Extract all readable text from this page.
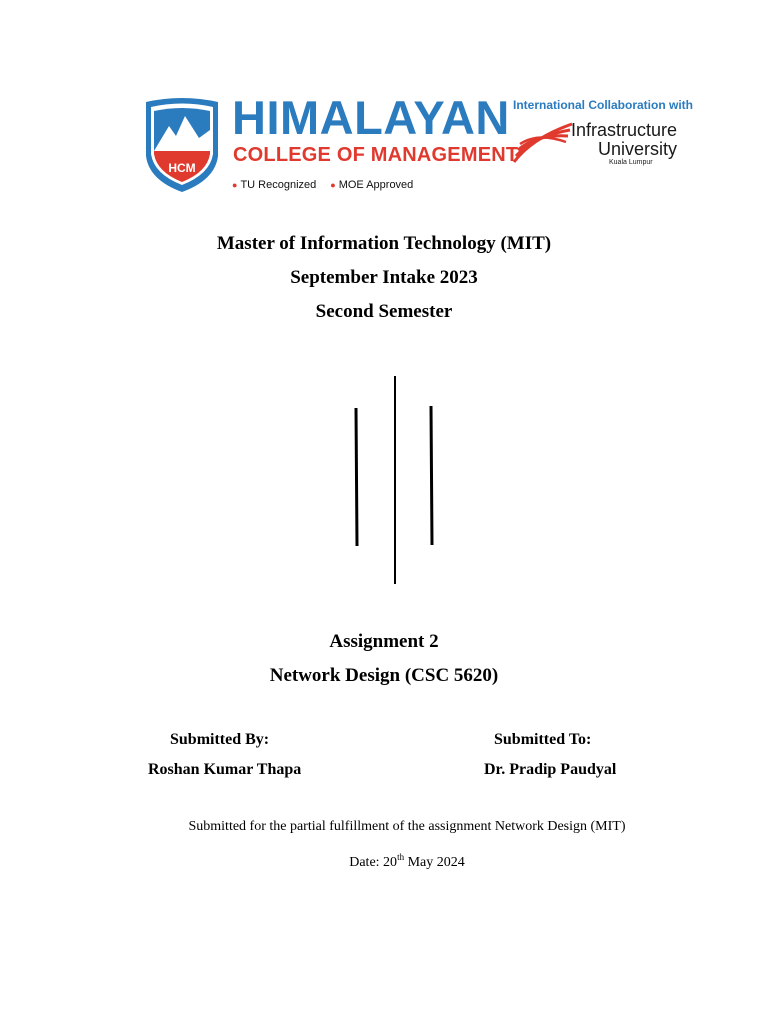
HCM
HIMALAYAN
COLLEGE OF MANAGEMENT
● TU Recognized ● MOE Approved
International Collaboration with
Infrastructure
University
Kuala Lumpur
Master of Information Technology (MIT)
September Intake 2023
Second Semester
Assignment 2
Network Design (CSC 5620)
Submitted By:
Roshan Kumar Thapa
Submitted To:
Dr. Pradip Paudyal
Submitted for the partial fulfillment of the assignment Network Design (MIT)
Date: 20th May 2024
